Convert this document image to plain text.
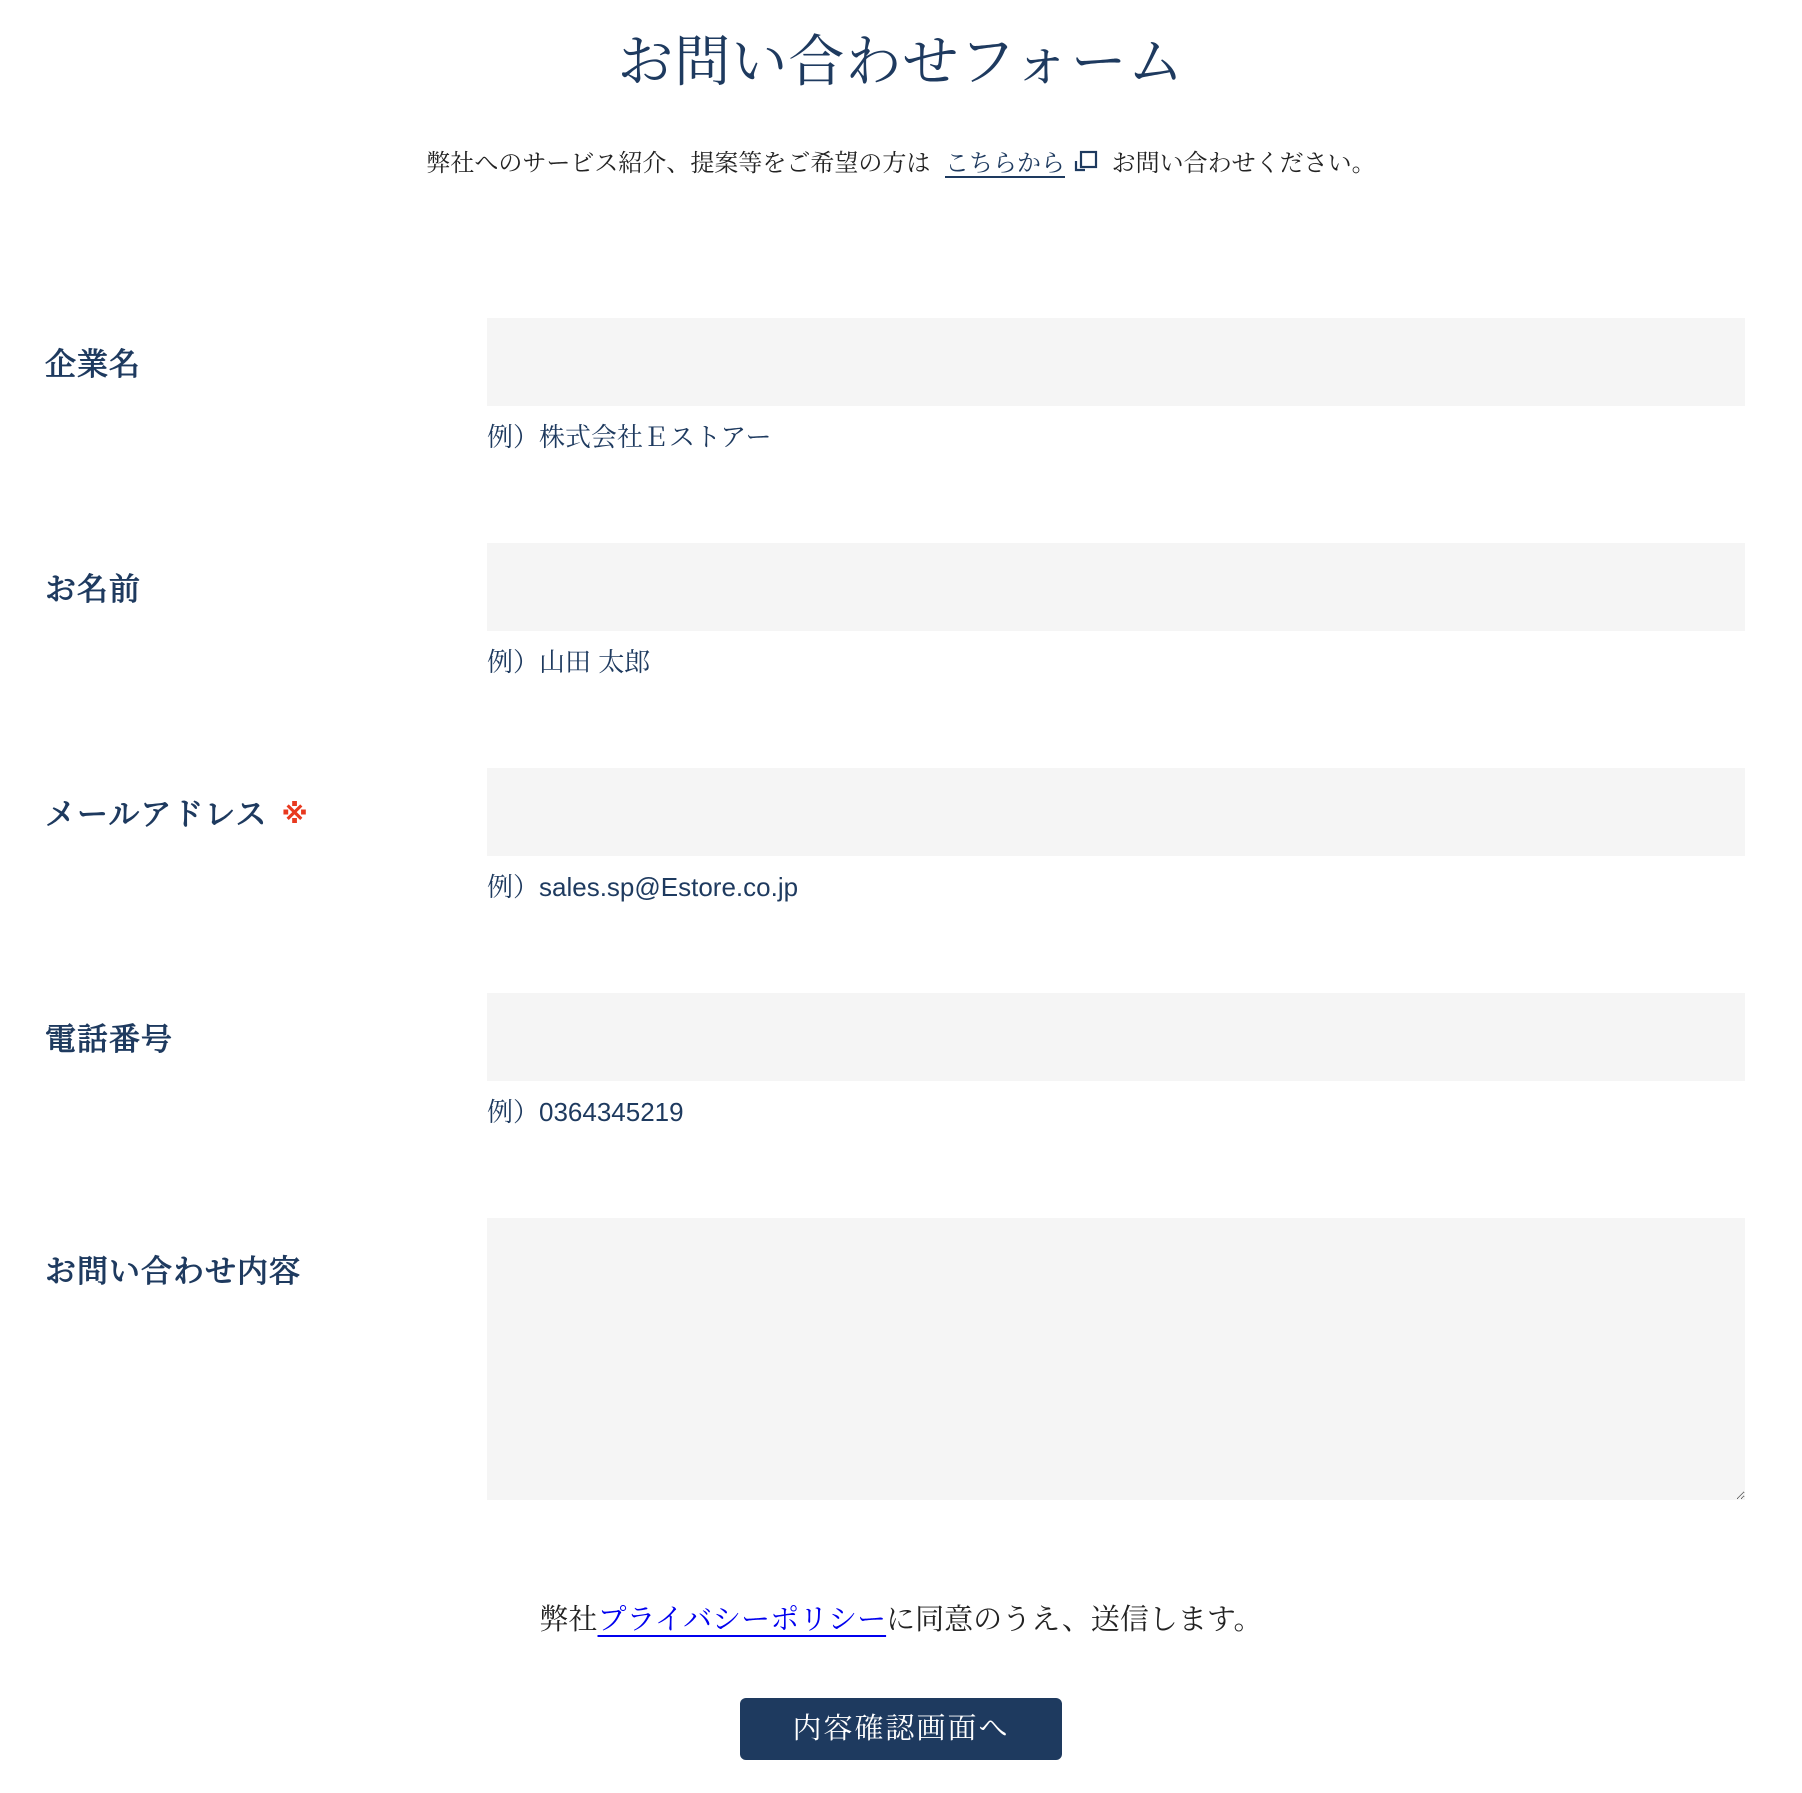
お問い合わせフォーム

弊社へのサービス紹介、提案等をご希望の方は こちらから お問い合わせください。

企業名
例）株式会社Ｅストアー
お名前
例）山田 太郎
メールアドレス ※
例）sales.sp@Estore.co.jp
電話番号
例）0364345219
お問い合わせ内容

弊社プライバシーポリシーに同意のうえ、送信します。

内容確認画面へ
